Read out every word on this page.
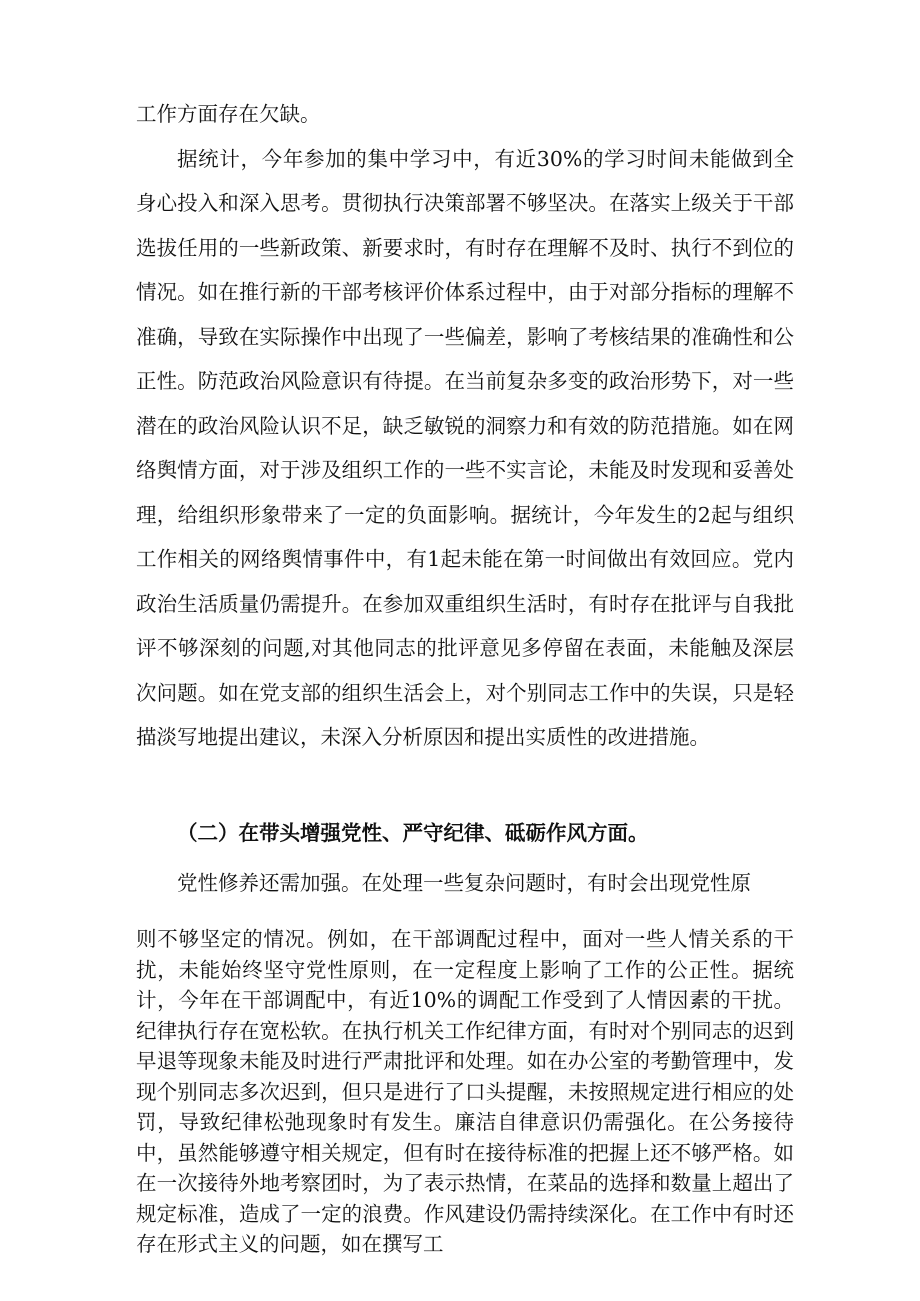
工作方面存在欠缺。

据统计，今年参加的集中学习中，有近30%的学习时间未能做到全身心投入和深入思考。贯彻执行决策部署不够坚决。在落实上级关于干部选拔任用的一些新政策、新要求时，有时存在理解不及时、执行不到位的情况。如在推行新的干部考核评价体系过程中，由于对部分指标的理解不准确，导致在实际操作中出现了一些偏差，影响了考核结果的准确性和公正性。防范政治风险意识有待提。在当前复杂多变的政治形势下，对一些潜在的政治风险认识不足，缺乏敏锐的洞察力和有效的防范措施。如在网络舆情方面，对于涉及组织工作的一些不实言论，未能及时发现和妥善处理，给组织形象带来了一定的负面影响。据统计，今年发生的2起与组织工作相关的网络舆情事件中，有1起未能在第一时间做出有效回应。党内政治生活质量仍需提升。在参加双重组织生活时，有时存在批评与自我批评不够深刻的问题,对其他同志的批评意见多停留在表面，未能触及深层次问题。如在党支部的组织生活会上，对个别同志工作中的失误，只是轻描淡写地提出建议，未深入分析原因和提出实质性的改进措施。

（二）在带头增强党性、严守纪律、砥砺作风方面。

党性修养还需加强。在处理一些复杂问题时，有时会出现党性原

则不够坚定的情况。例如，在干部调配过程中，面对一些人情关系的干扰，未能始终坚守党性原则，在一定程度上影响了工作的公正性。据统计，今年在干部调配中，有近10%的调配工作受到了人情因素的干扰。纪律执行存在宽松软。在执行机关工作纪律方面，有时对个别同志的迟到早退等现象未能及时进行严肃批评和处理。如在办公室的考勤管理中，发现个别同志多次迟到，但只是进行了口头提醒，未按照规定进行相应的处罚，导致纪律松弛现象时有发生。廉洁自律意识仍需强化。在公务接待中，虽然能够遵守相关规定，但有时在接待标准的把握上还不够严格。如在一次接待外地考察团时，为了表示热情，在菜品的选择和数量上超出了规定标准，造成了一定的浪费。作风建设仍需持续深化。在工作中有时还存在形式主义的问题，如在撰写工
